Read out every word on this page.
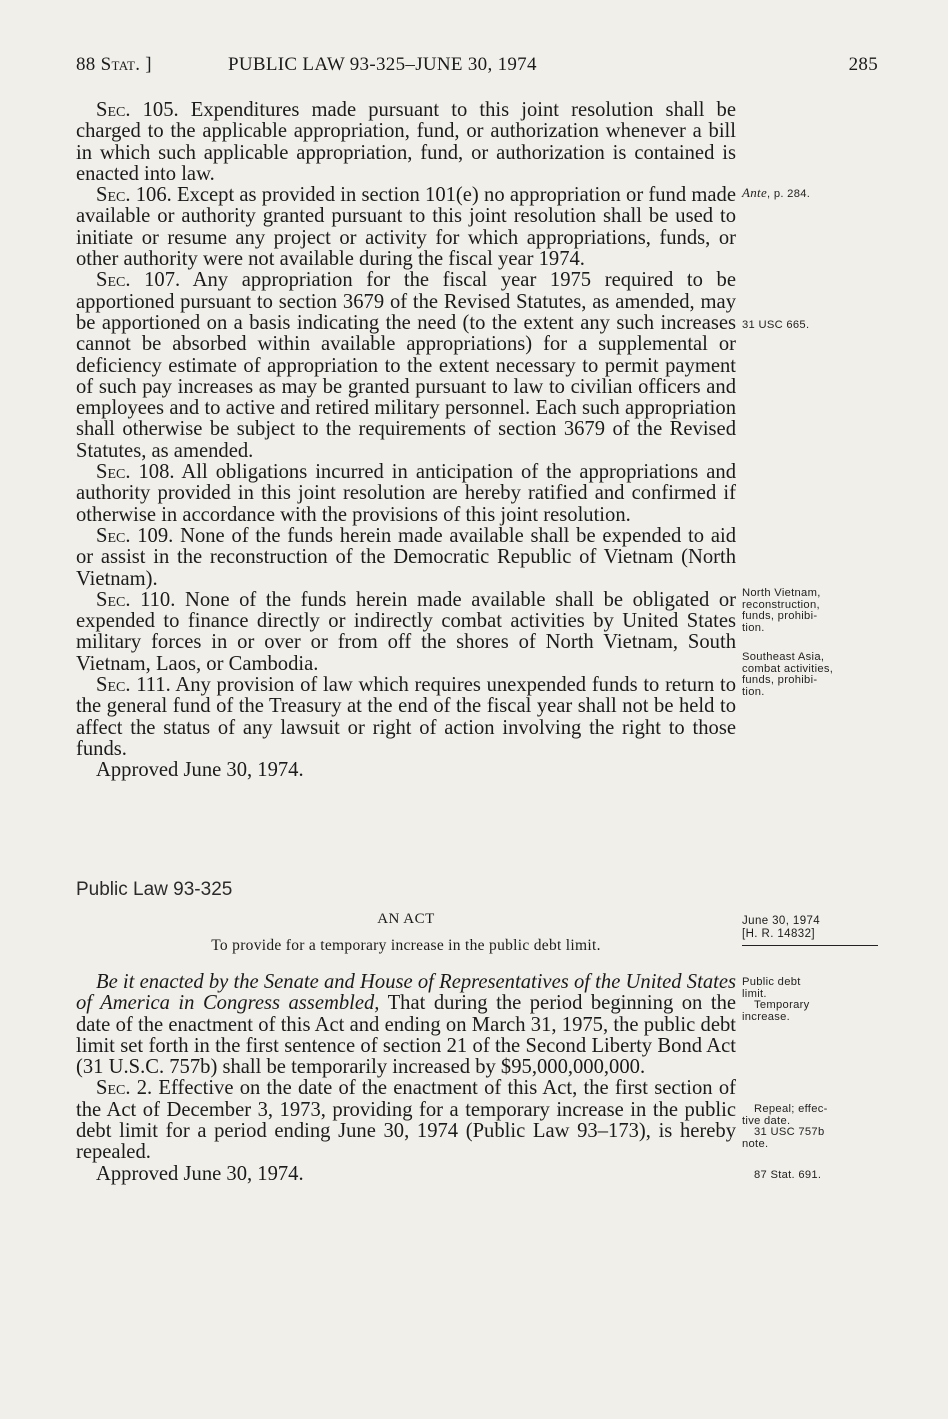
88 Stat. ]	PUBLIC LAW 93-325–JUNE 30, 1974	285

Sec. 105. Expenditures made pursuant to this joint resolution shall be charged to the applicable appropriation, fund, or authorization whenever a bill in which such applicable appropriation, fund, or authorization is contained is enacted into law.

Sec. 106. Except as provided in section 101(e) no appropriation or fund made available or authority granted pursuant to this joint resolution shall be used to initiate or resume any project or activity for which appropriations, funds, or other authority were not available during the fiscal year 1974.

Sec. 107. Any appropriation for the fiscal year 1975 required to be apportioned pursuant to section 3679 of the Revised Statutes, as amended, may be apportioned on a basis indicating the need (to the extent any such increases cannot be absorbed within available appropriations) for a supplemental or deficiency estimate of appropriation to the extent necessary to permit payment of such pay increases as may be granted pursuant to law to civilian officers and employees and to active and retired military personnel. Each such appropriation shall otherwise be subject to the requirements of section 3679 of the Revised Statutes, as amended.

Sec. 108. All obligations incurred in anticipation of the appropriations and authority provided in this joint resolution are hereby ratified and confirmed if otherwise in accordance with the provisions of this joint resolution.

Sec. 109. None of the funds herein made available shall be expended to aid or assist in the reconstruction of the Democratic Republic of Vietnam (North Vietnam).

Sec. 110. None of the funds herein made available shall be obligated or expended to finance directly or indirectly combat activities by United States military forces in or over or from off the shores of North Vietnam, South Vietnam, Laos, or Cambodia.

Sec. 111. Any provision of law which requires unexpended funds to return to the general fund of the Treasury at the end of the fiscal year shall not be held to affect the status of any lawsuit or right of action involving the right to those funds.

Approved June 30, 1974.

Ante, p. 284.
31 USC 665.
North Vietnam,
reconstruction,
funds, prohibi-
tion.
Southeast Asia,
combat activities,
funds, prohibi-
tion.
Public Law 93-325
AN ACT
To provide for a temporary increase in the public debt limit.
June 30, 1974
[H. R. 14832]

Be it enacted by the Senate and House of Representatives of the United States of America in Congress assembled, That during the period beginning on the date of the enactment of this Act and ending on March 31, 1975, the public debt limit set forth in the first sentence of section 21 of the Second Liberty Bond Act (31 U.S.C. 757b) shall be temporarily increased by $95,000,000,000.

Sec. 2. Effective on the date of the enactment of this Act, the first section of the Act of December 3, 1973, providing for a temporary increase in the public debt limit for a period ending June 30, 1974 (Public Law 93–173), is hereby repealed.

Approved June 30, 1974.

Public debt
limit.
Temporary
increase.
Repeal; effec-
tive date.
31 USC 757b
note.
87 Stat. 691.
